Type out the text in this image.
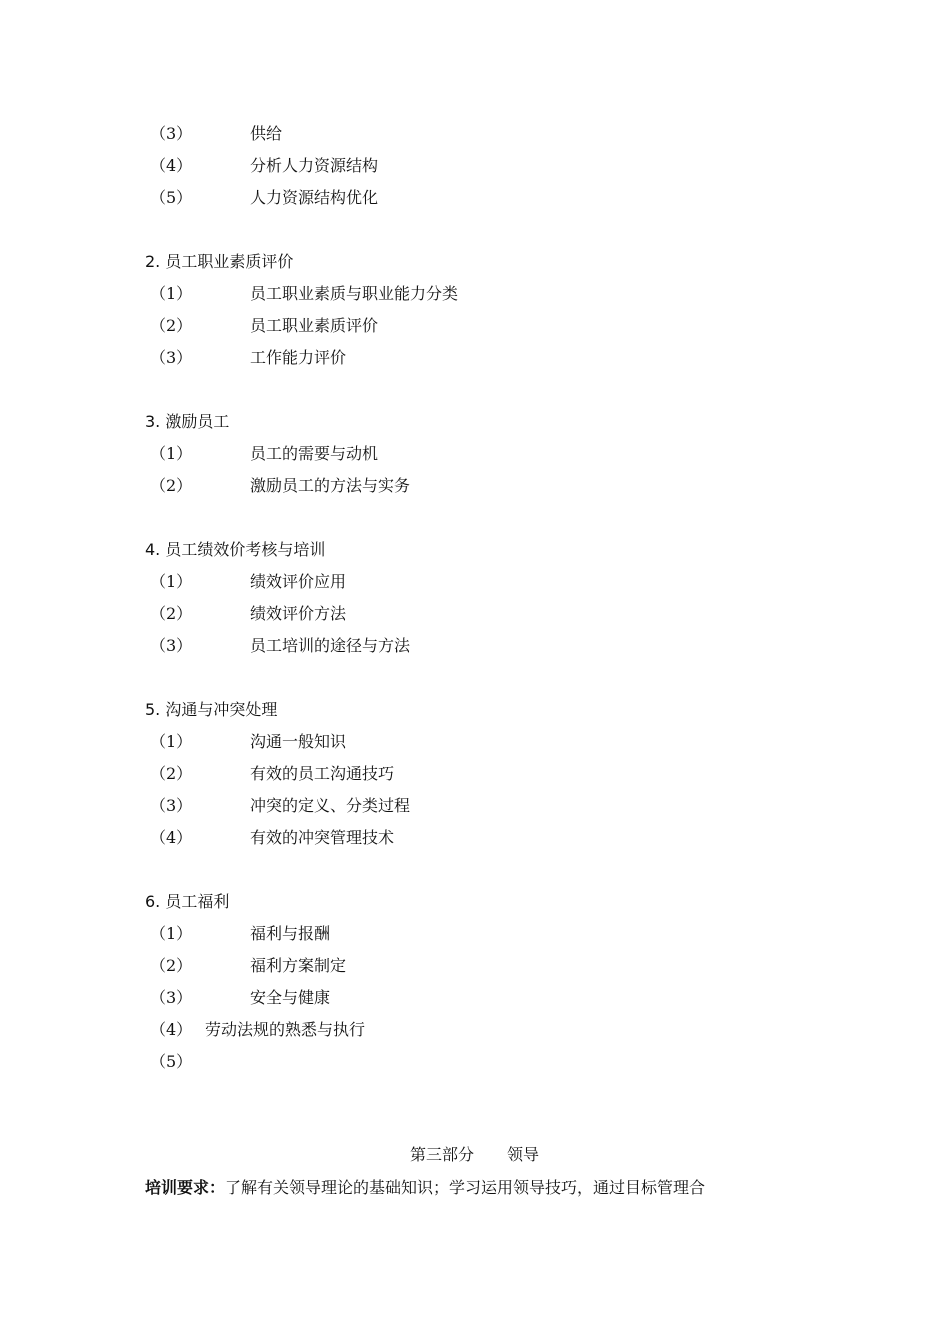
（3）	供给
（4）	分析人力资源结构
（5）	人力资源结构优化
2. 员工职业素质评价
（1）	员工职业素质与职业能力分类
（2）	员工职业素质评价
（3）	工作能力评价
3. 激励员工
（1）	员工的需要与动机
（2）	激励员工的方法与实务
4. 员工绩效价考核与培训
（1）	绩效评价应用
（2）	绩效评价方法
（3）	员工培训的途径与方法
5. 沟通与冲突处理
（1）	沟通一般知识
（2）	有效的员工沟通技巧
（3）	冲突的定义、分类过程
（4）	有效的冲突管理技术
6. 员工福利
（1）	福利与报酬
（2）	福利方案制定
（3）	安全与健康
（4） 劳动法规的熟悉与执行
（5）
第三部分 领导
培训要求：了解有关领导理论的基础知识；学习运用领导技巧，通过目标管理合
